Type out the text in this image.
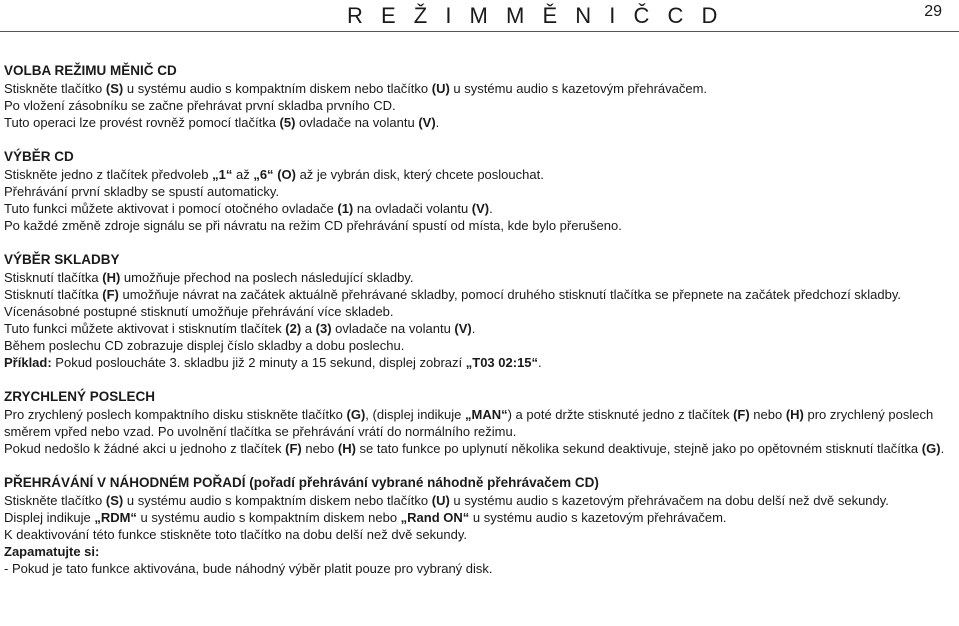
R E Ž I M M Ě N I Č C D	29
VOLBA REŽIMU MĚNIČ CD
Stiskněte tlačítko (S) u systému audio s kompaktním diskem nebo tlačítko (U) u systému audio s kazetovým přehrávačem.
Po vložení zásobníku se začne přehrávat první skladba prvního CD.
Tuto operaci lze provést rovněž pomocí tlačítka (5) ovladače na volantu (V).
VÝBĚR CD
Stiskněte jedno z tlačítek předvoleb „1“ až „6“ (O) až je vybrán disk, který chcete poslouchat.
Přehrávání první skladby se spustí automaticky.
Tuto funkci můžete aktivovat i pomocí otočného ovladače (1) na ovladači volantu (V).
Po každé změně zdroje signálu se při návratu na režim CD přehrávání spustí od místa, kde bylo přerušeno.
VÝBĚR SKLADBY
Stisknutí tlačítka (H) umožňuje přechod na poslech následující skladby.
Stisknutí tlačítka (F) umožňuje návrat na začátek aktuálně přehrávané skladby, pomocí druhého stisknutí tlačítka se přepnete na začátek předchozí skladby.
Vícenásobné postupné stisknutí umožňuje přehrávání více skladeb.
Tuto funkci můžete aktivovat i stisknutím tlačítek (2) a (3) ovladače na volantu (V).
Během poslechu CD zobrazuje displej číslo skladby a dobu poslechu.
Příklad: Pokud posloucháte 3. skladbu již 2 minuty a 15 sekund, displej zobrazí „T03 02:15“.
ZRYCHLENÝ POSLECH
Pro zrychlený poslech kompaktního disku stiskněte tlačítko (G), (displej indikuje „MAN“) a poté držte stisknuté jedno z tlačítek (F) nebo (H) pro zrychlený poslech směrem vpřed nebo vzad. Po uvolnění tlačítka se přehrávání vrátí do normálního režimu.
Pokud nedošlo k žádné akci u jednoho z tlačítek (F) nebo (H) se tato funkce po uplynutí několika sekund deaktivuje, stejně jako po opětovném stisknutí tlačítka (G).
PŘEHRÁVÁNÍ V NÁHODNÉM POŘADÍ (pořadí přehrávání vybrané náhodně přehrávačem CD)
Stiskněte tlačítko (S) u systému audio s kompaktním diskem nebo tlačítko (U) u systému audio s kazetovým přehrávačem na dobu delší než dvě sekundy.
Displej indikuje „RDM“ u systému audio s kompaktním diskem nebo „Rand ON“ u systému audio s kazetovým přehrávačem.
K deaktivování této funkce stiskněte toto tlačítko na dobu delší než dvě sekundy.
Zapamatujte si:
- Pokud je tato funkce aktivována, bude náhodný výběr platit pouze pro vybraný disk.
